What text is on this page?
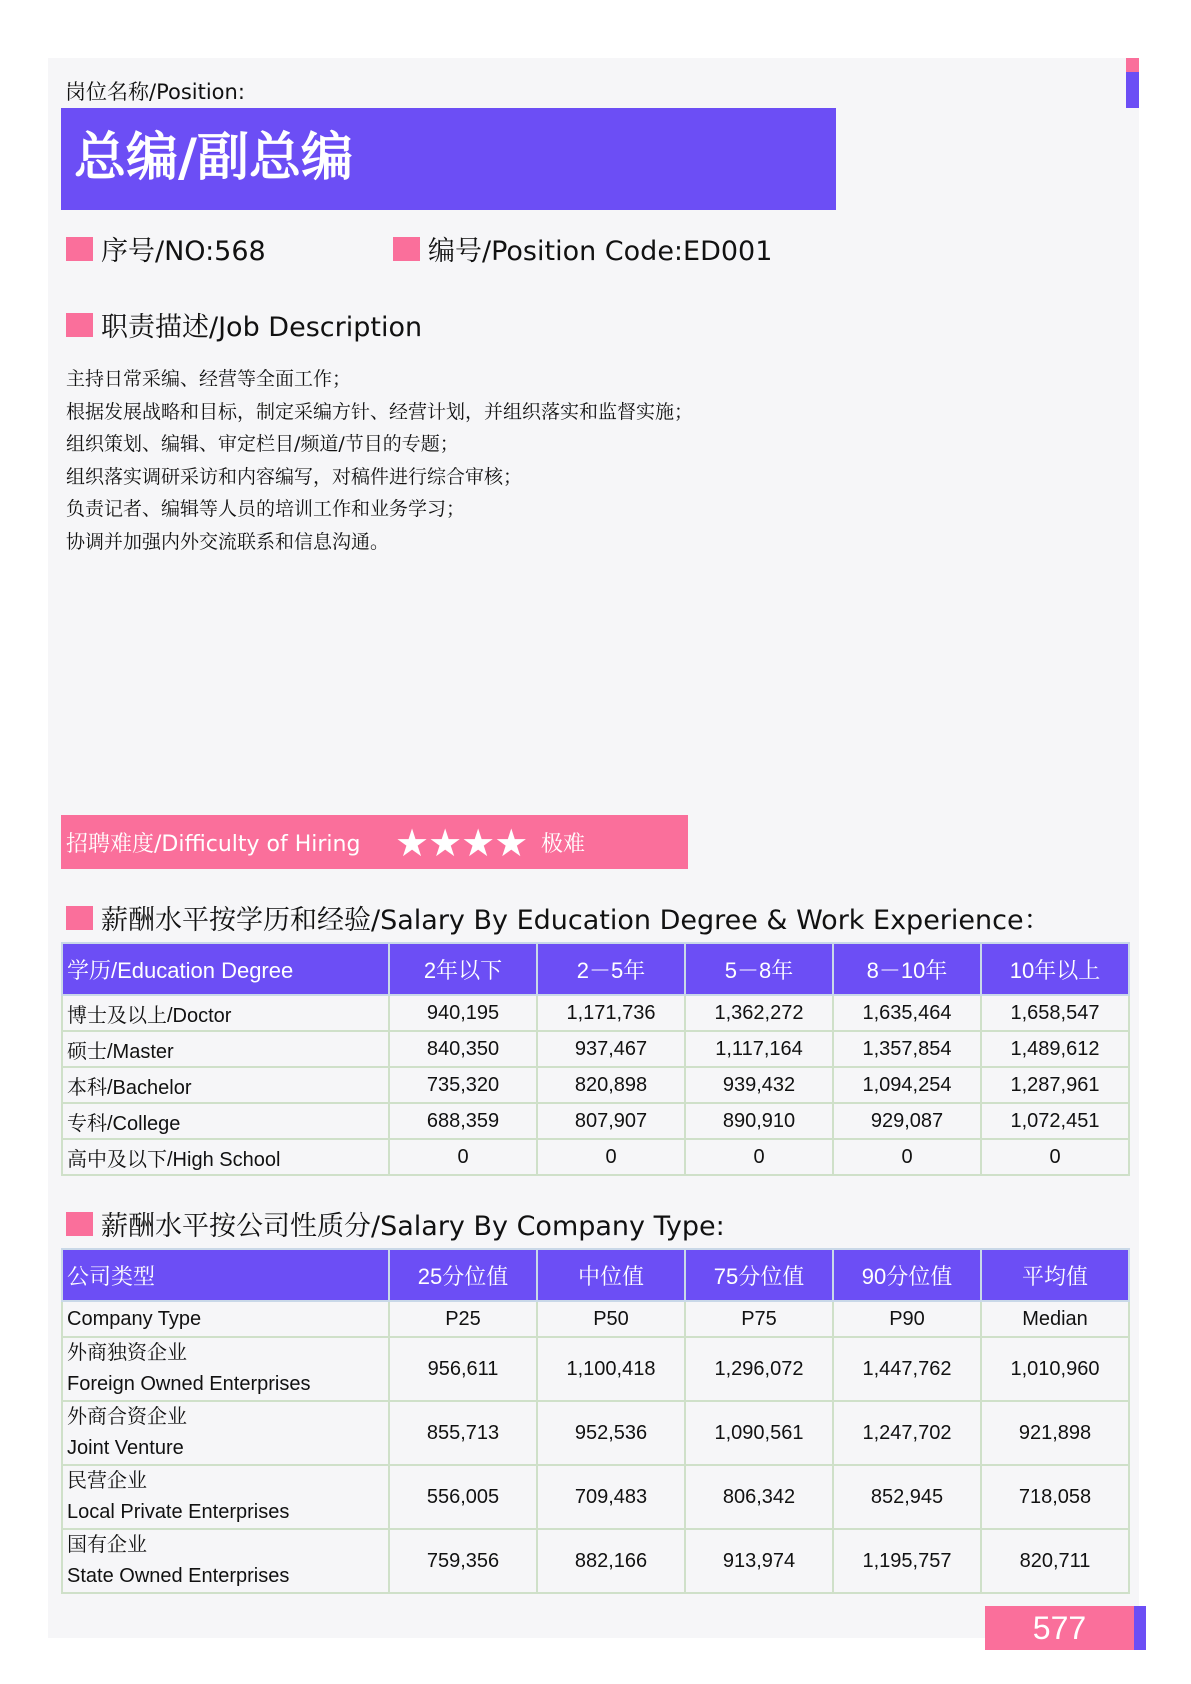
岗位名称/Position:
总编/副总编
序号/NO:568	编号/Position Code:ED001
职责描述/Job Description
主持日常采编、经营等全面工作；
根据发展战略和目标，制定采编方针、经营计划，并组织落实和监督实施；
组织策划、编辑、审定栏目/频道/节目的专题；
组织落实调研采访和内容编写，对稿件进行综合审核；
负责记者、编辑等人员的培训工作和业务学习；
协调并加强内外交流联系和信息沟通。
招聘难度/Difficulty of Hiring ★★★★ 极难
薪酬水平按学历和经验/Salary By Education Degree & Work Experience：
学历/Education Degree	2年以下	2－5年	5－8年	8－10年	10年以上
博士及以上/Doctor	940,195	1,171,736	1,362,272	1,635,464	1,658,547
硕士/Master	840,350	937,467	1,117,164	1,357,854	1,489,612
本科/Bachelor	735,320	820,898	939,432	1,094,254	1,287,961
专科/College	688,359	807,907	890,910	929,087	1,072,451
高中及以下/High School	0	0	0	0	0
薪酬水平按公司性质分/Salary By Company Type:
公司类型	25分位值	中位值	75分位值	90分位值	平均值
Company Type	P25	P50	P75	P90	Median

外商独资企业
Foreign Owned Enterprises	956,611	1,100,418	1,296,072	1,447,762	1,010,960

外商合资企业
Joint Venture	855,713	952,536	1,090,561	1,247,702	921,898

民营企业
Local Private Enterprises	556,005	709,483	806,342	852,945	718,058

国有企业
State Owned Enterprises	759,356	882,166	913,974	1,195,757	820,711
577
